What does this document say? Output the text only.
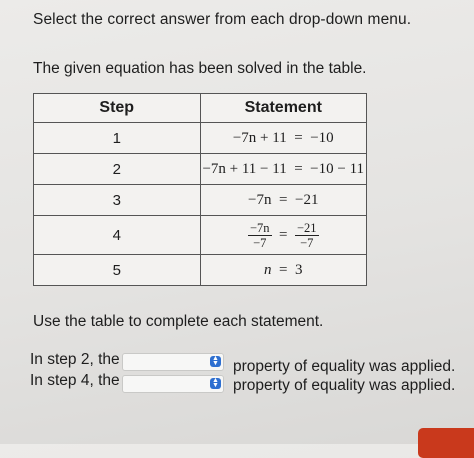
Select the correct answer from each drop-down menu.
The given equation has been solved in the table.
Step	Statement
1	−7n + 11 = −10
2	−7n + 11 − 11 = −10 − 11
3	−7n = −21
4	$\frac{-7n}{-7} = \frac{-21}{-7}$

5	n = 3
Use the table to complete each statement.
In step 2, the	▲
▼ property of equality was applied.
In step 4, the	▲
▼ property of equality was applied.
